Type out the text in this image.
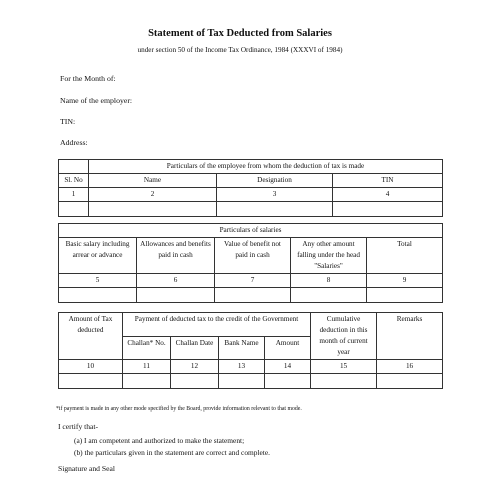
Statement of Tax Deducted from Salaries
under section 50 of the Income Tax Ordinance, 1984 (XXXVI of 1984)
For the Month of:
Name of the employer:
TIN:
Address:
	Particulars of the employee from whom the deduction of tax is made		
Sl. No	Name	Designation	TIN
1	2	3	4

Particulars of salaries				
Basic salary including arrear or advance	Allowances and benefits paid in cash	Value of benefit not paid in cash	Any other amount falling under the head "Salaries"	Total
5	6	7	8	9

Amount of Tax deducted	Payment of deducted tax to the credit of the Government				Cumulative deduction in this month of current year	Remarks
	Challan* No.	Challan Date	Bank Name	Amount		
10	11	12	13	14	15	16

*if payment is made in any other mode specified by the Board, provide information relevant to that mode.
I certify that-
(a) I am competent and authorized to make the statement;
(b) the particulars given in the statement are correct and complete.
Signature and Seal
